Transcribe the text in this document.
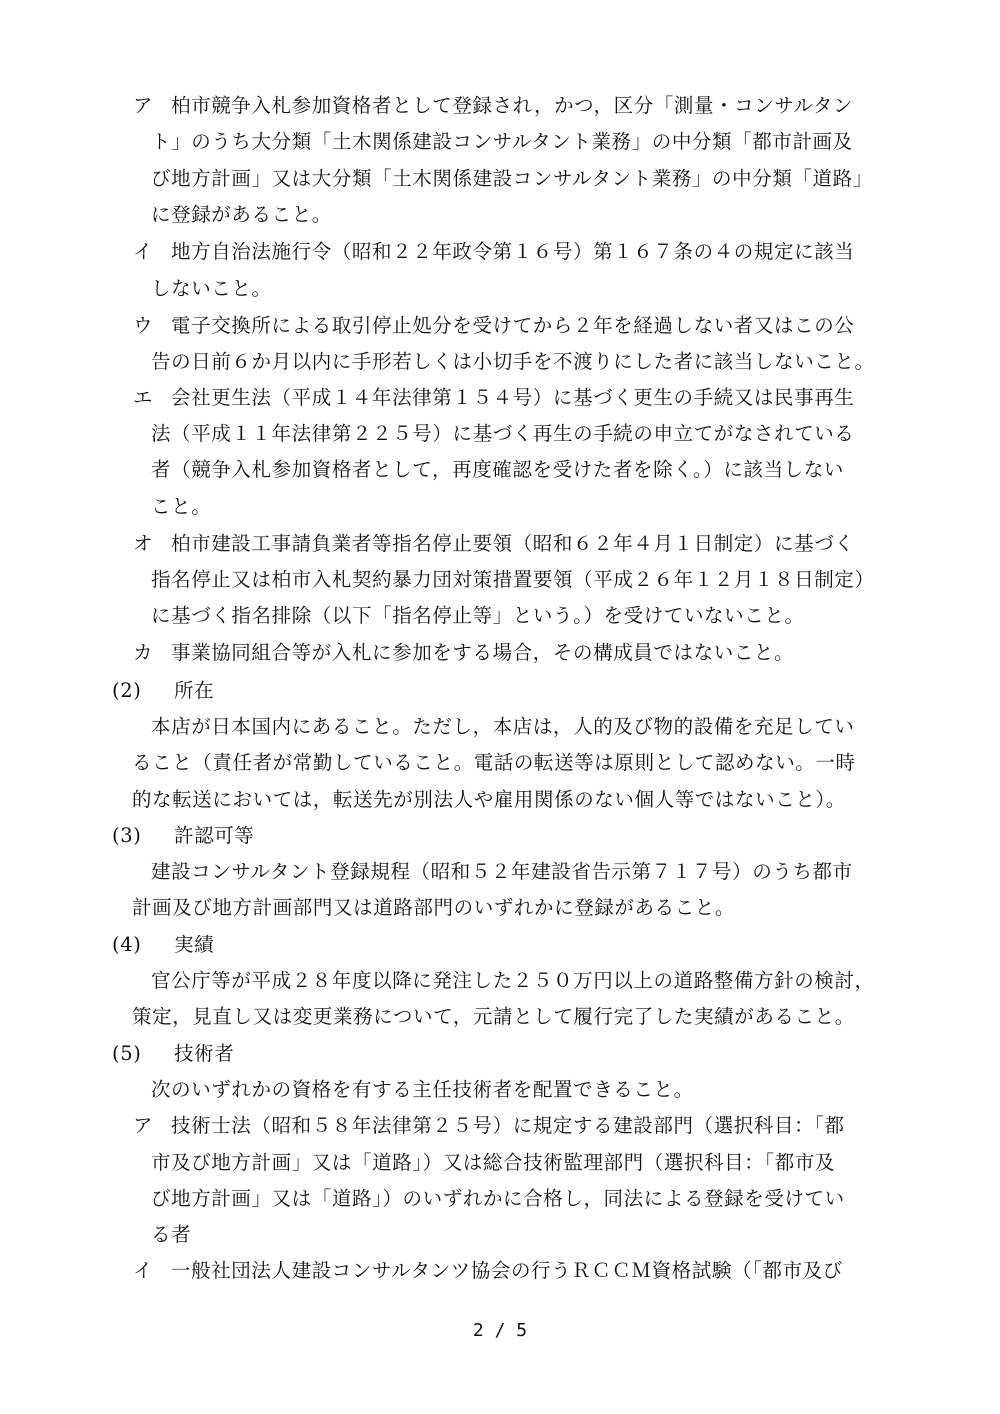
ア 柏市競争入札参加資格者として登録され，かつ，区分「測量・コンサルタン
ト」のうち大分類「土木関係建設コンサルタント業務」の中分類「都市計画及
び地方計画」又は大分類「土木関係建設コンサルタント業務」の中分類「道路」
に登録があること。
イ 地方自治法施行令（昭和２２年政令第１６号）第１６７条の４の規定に該当
しないこと。
ウ 電子交換所による取引停止処分を受けてから２年を経過しない者又はこの公
告の日前６か月以内に手形若しくは小切手を不渡りにした者に該当しないこと。
エ 会社更生法（平成１４年法律第１５４号）に基づく更生の手続又は民事再生
法（平成１１年法律第２２５号）に基づく再生の手続の申立てがなされている
者（競争入札参加資格者として，再度確認を受けた者を除く。）に該当しない
こと。
オ 柏市建設工事請負業者等指名停止要領（昭和６２年４月１日制定）に基づく
指名停止又は柏市入札契約暴力団対策措置要領（平成２６年１２月１８日制定）
に基づく指名排除（以下「指名停止等」という。）を受けていないこと。
カ 事業協同組合等が入札に参加をする場合，その構成員ではないこと。
(2) 所在
本店が日本国内にあること。ただし，本店は，人的及び物的設備を充足してい
ること（責任者が常勤していること。電話の転送等は原則として認めない。一時
的な転送においては，転送先が別法人や雇用関係のない個人等ではないこと）。
(3) 許認可等
建設コンサルタント登録規程（昭和５２年建設省告示第７１７号）のうち都市
計画及び地方計画部門又は道路部門のいずれかに登録があること。
(4) 実績
官公庁等が平成２８年度以降に発注した２５０万円以上の道路整備方針の検討，
策定，見直し又は変更業務について，元請として履行完了した実績があること。
(5) 技術者
次のいずれかの資格を有する主任技術者を配置できること。
ア 技術士法（昭和５８年法律第２５号）に規定する建設部門（選択科目：「都
市及び地方計画」又は「道路」）又は総合技術監理部門（選択科目：「都市及
び地方計画」又は「道路」）のいずれかに合格し，同法による登録を受けてい
る者
イ 一般社団法人建設コンサルタンツ協会の行うＲＣＣＭ資格試験（「都市及び
2 / 5
